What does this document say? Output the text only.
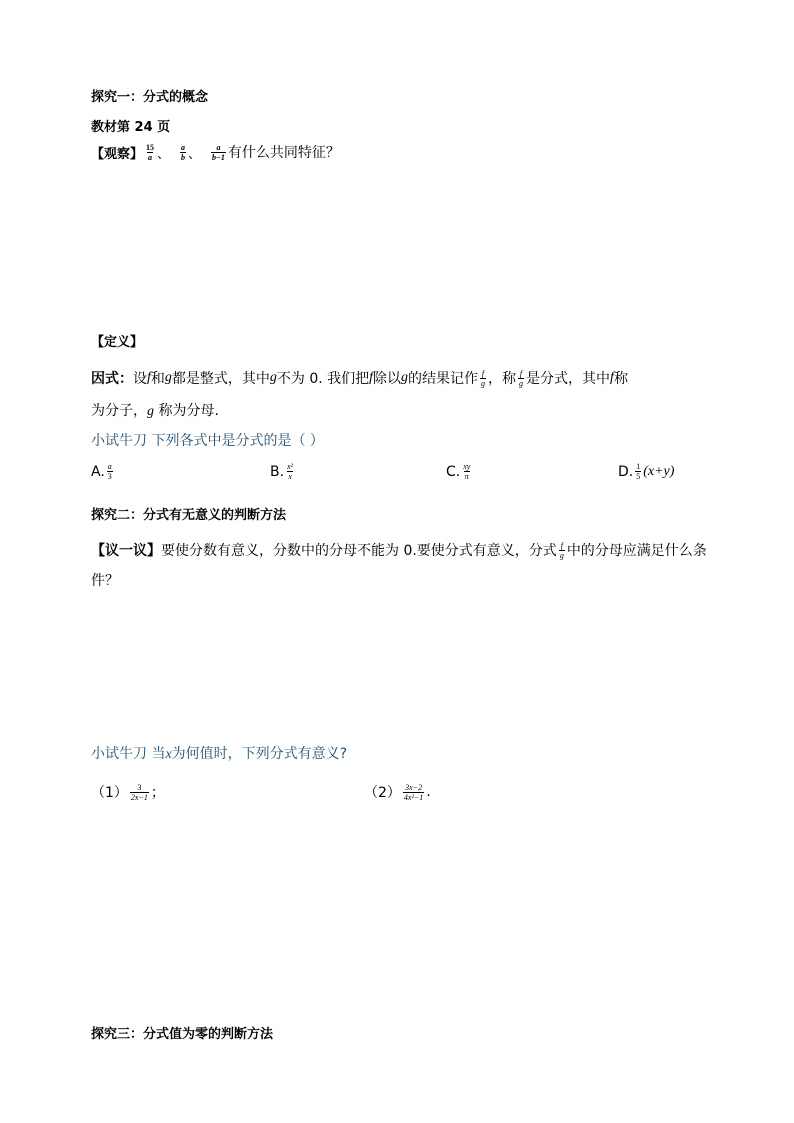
探究一：分式的概念
教材第 24 页
【观察】 $\frac{15}{a}$ 、 $\frac{a}{b}$ 、 $\frac{a}{b-1}$ 有什么共同特征？
【定义】
因式： 设 f 和 g 都是整式，其中 g 不为 0. 我们把 f 除以 g 的结果记作 $\frac{f}{g}$ ，称 $\frac{f}{g}$ 是分式，其中 f 称
为分子，g 称为分母.
小试牛刀 下列各式中是分式的是（ ）
A. $\frac{a}{3}$	B. $\frac{\text{x²}}{x}$	C. $\frac{xy}{\pi}$	D. $\frac{1}{5} (x+y)$
探究二：分式有无意义的判断方法
【议一议】 要使分数有意义，分数中的分母不能为 0.要使分式有意义，分式 $\frac{f}{g}$ 中的分母应满足什么条
件？
小试牛刀 当x为何值时，下列分式有意义?
$(1) \frac{3}{2x-1}$ ；	$(2) \frac{3x-2}{\text{4x²−1}}$ .
探究三：分式值为零的判断方法
